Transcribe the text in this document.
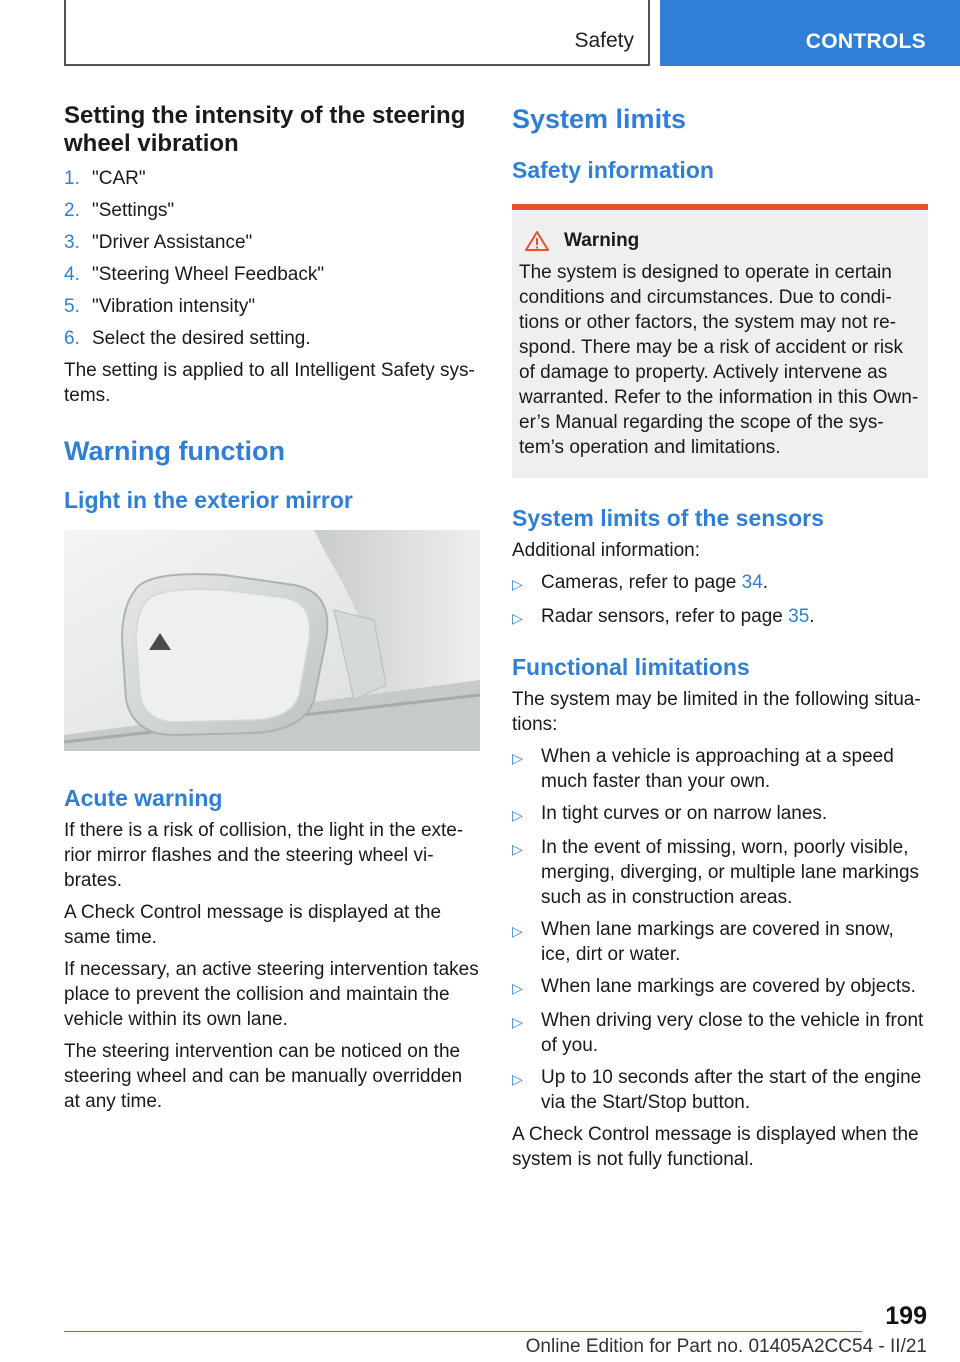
Safety	CONTROLS
Setting the intensity of the steering wheel vibration
1. "CAR"
2. "Settings"
3. "Driver Assistance"
4. "Steering Wheel Feedback"
5. "Vibration intensity"
6. Select the desired setting.

The setting is applied to all Intelligent Safety systems.

Warning function
Light in the exterior mirror
Acute warning

If there is a risk of collision, the light in the exterior mirror flashes and the steering wheel vibrates.

A Check Control message is displayed at the same time.

If necessary, an active steering intervention takes place to prevent the collision and maintain the vehicle within its own lane.

The steering intervention can be noticed on the steering wheel and can be manually overridden at any time.

System limits
Safety information
Warning

The system is designed to operate in certain conditions and circumstances. Due to conditions or other factors, the system may not respond. There may be a risk of accident or risk of damage to property. Actively intervene as warranted. Refer to the information in this Owner’s Manual regarding the scope of the system’s operation and limitations.

System limits of the sensors

Additional information:

▷ Cameras, refer to page 34.
▷ Radar sensors, refer to page 35.
Functional limitations

The system may be limited in the following situations:

▷ When a vehicle is approaching at a speed much faster than your own.
▷ In tight curves or on narrow lanes.
▷ In the event of missing, worn, poorly visible, merging, diverging, or multiple lane markings such as in construction areas.
▷ When lane markings are covered in snow, ice, dirt or water.
▷ When lane markings are covered by objects.
▷ When driving very close to the vehicle in front of you.
▷ Up to 10 seconds after the start of the engine via the Start/Stop button.

A Check Control message is displayed when the system is not fully functional.

199
Online Edition for Part no. 01405A2CC54 - II/21
